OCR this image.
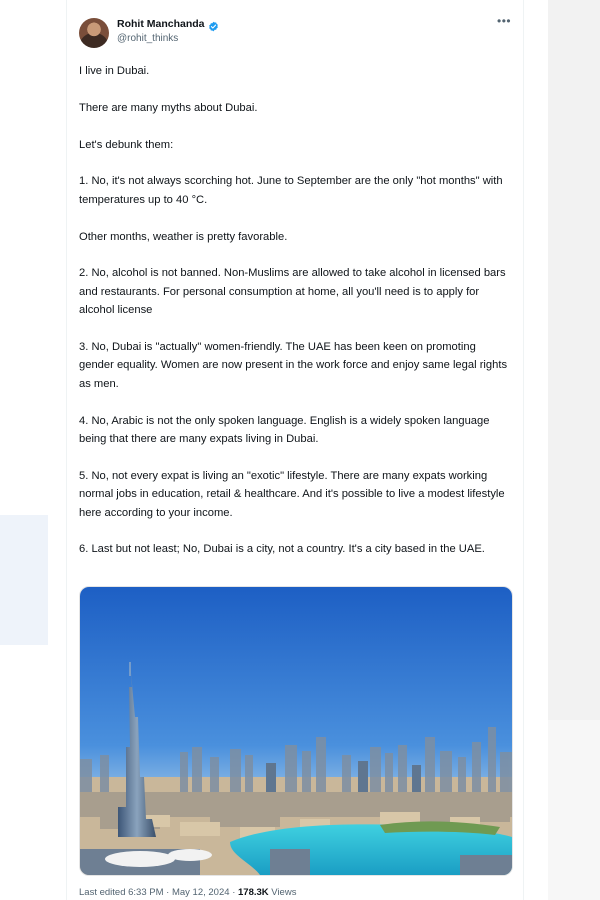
Rohit Manchanda
@rohit_thinks
•••

I live in Dubai.

There are many myths about Dubai.

Let's debunk them:

1. No, it's not always scorching hot. June to September are the only "hot months" with temperatures up to 40 °C.

Other months, weather is pretty favorable.

2. No, alcohol is not banned. Non-Muslims are allowed to take alcohol in licensed bars and restaurants. For personal consumption at home, all you'll need is to apply for alcohol license

3. No, Dubai is "actually" women-friendly. The UAE has been keen on promoting gender equality. Women are now present in the work force and enjoy same legal rights as men.

4. No, Arabic is not the only spoken language. English is a widely spoken language being that there are many expats living in Dubai.

5. No, not every expat is living an "exotic" lifestyle. There are many expats working normal jobs in education, retail & healthcare. And it's possible to live a modest lifestyle here according to your income.

6. Last but not least; No, Dubai is a city, not a country. It's a city based in the UAE.

Last edited 6:33 PM · May 12, 2024 · 178.3K Views
